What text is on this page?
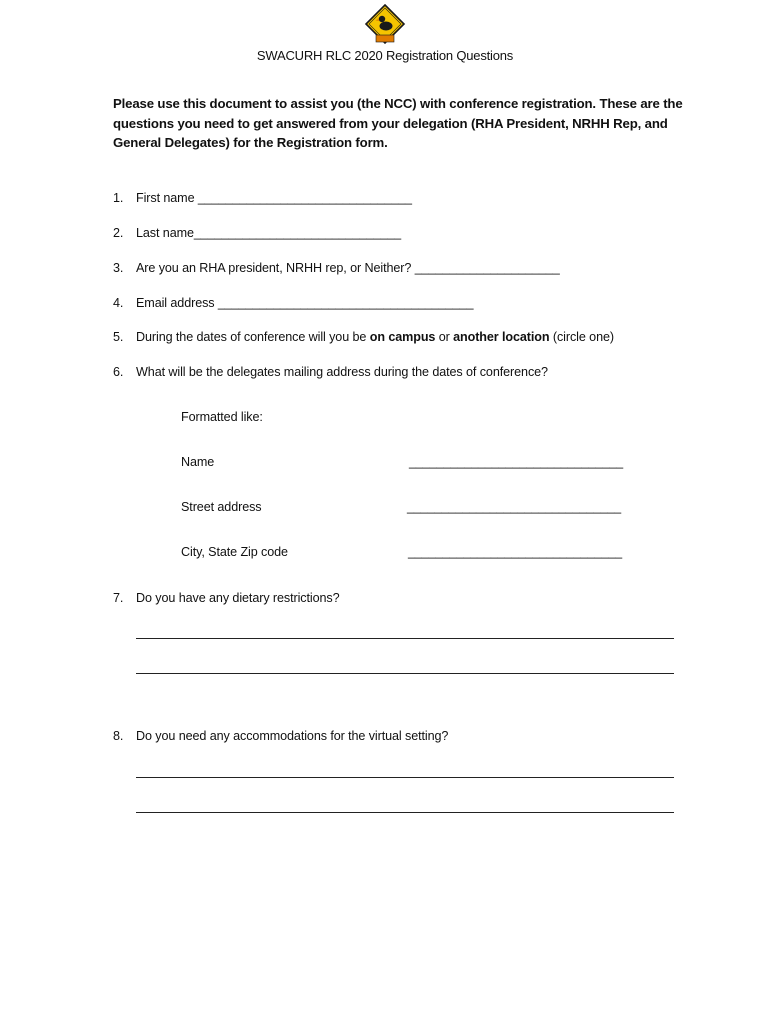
SWACURH RLC 2020 Registration Questions
Please use this document to assist you (the NCC) with conference registration. These are the questions you need to get answered from your delegation (RHA President, NRHH Rep, and General Delegates) for the Registration form.
1. First name _______________________________
2. Last name______________________________
3. Are you an RHA president, NRHH rep, or Neither? _____________________
4. Email address _____________________________________
5. During the dates of conference will you be on campus or another location (circle one)
6. What will be the delegates mailing address during the dates of conference?
Formatted like:
Name	_______________________________
Street address	_______________________________
City, State Zip code	_______________________________
7. Do you have any dietary restrictions?
8. Do you need any accommodations for the virtual setting?
